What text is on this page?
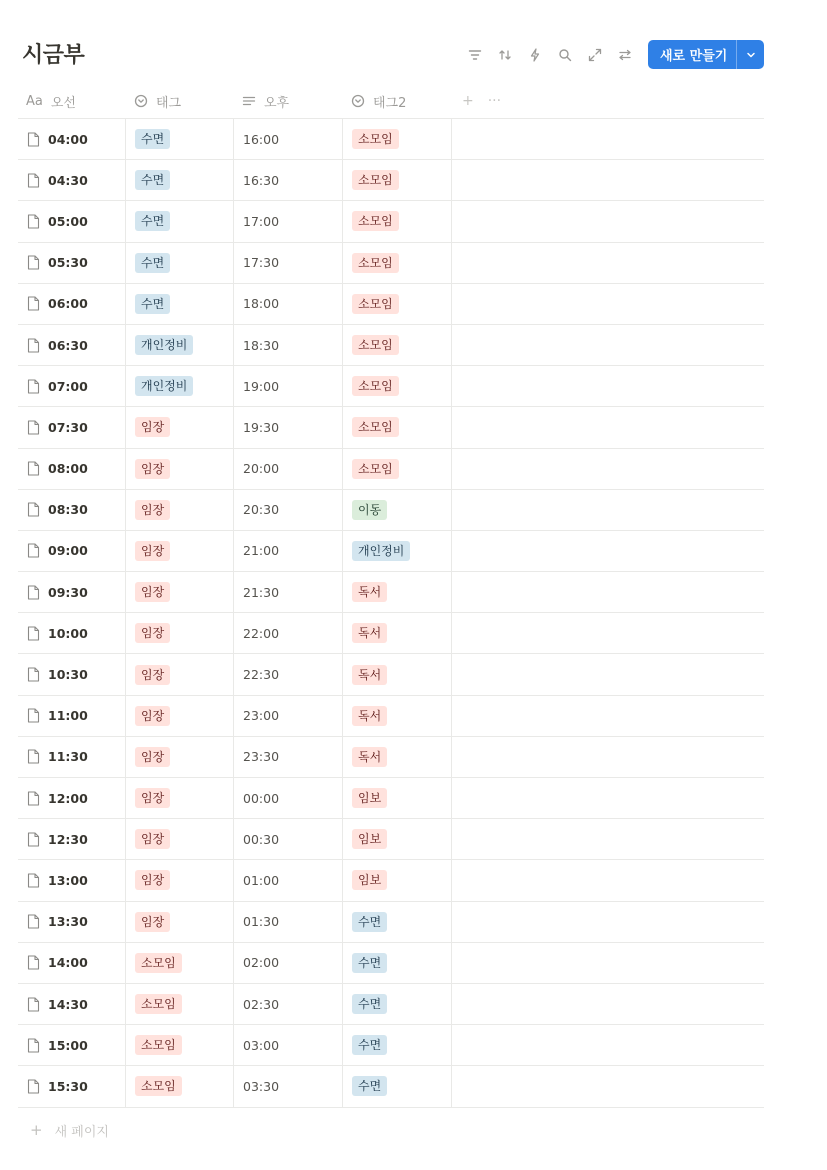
시금부	새로 만들기
Aa 오선	태그	오후	태그2	+ ···
04:00	수면	16:00	소모임
04:30	수면	16:30	소모임
05:00	수면	17:00	소모임
05:30	수면	17:30	소모임
06:00	수면	18:00	소모임
06:30	개인정비	18:30	소모임
07:00	개인정비	19:00	소모임
07:30	임장	19:30	소모임
08:00	임장	20:00	소모임
08:30	임장	20:30	이동
09:00	임장	21:00	개인정비
09:30	임장	21:30	독서
10:00	임장	22:00	독서
10:30	임장	22:30	독서
11:00	임장	23:00	독서
11:30	임장	23:30	독서
12:00	임장	00:00	임보
12:30	임장	00:30	임보
13:00	임장	01:00	임보
13:30	임장	01:30	수면
14:00	소모임	02:00	수면
14:30	소모임	02:30	수면
15:00	소모임	03:00	수면
15:30	소모임	03:30	수면
+ 새 페이지
